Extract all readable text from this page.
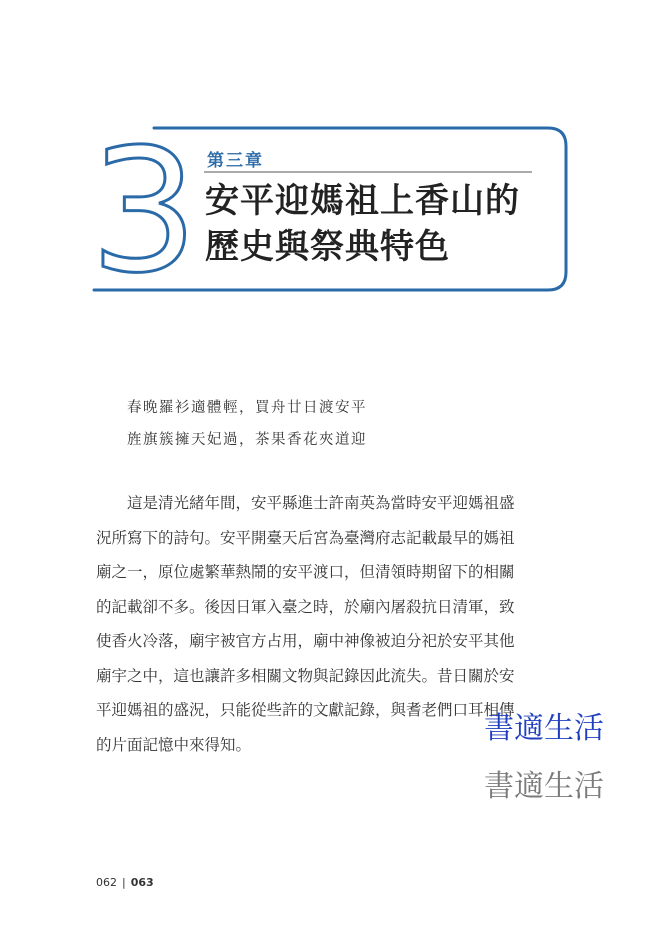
3 第三章
安平迎媽祖上香山的
歷史與祭典特色
春晚羅衫適體輕，買舟廿日渡安平
旌旗簇擁天妃過，茶果香花夾道迎
這是清光緒年間，安平縣進士許南英為當時安平迎媽祖盛
況所寫下的詩句。安平開臺天后宮為臺灣府志記載最早的媽祖
廟之一，原位處繁華熱鬧的安平渡口，但清領時期留下的相關
的記載卻不多。後因日軍入臺之時，於廟內屠殺抗日清軍，致
使香火冷落，廟宇被官方占用，廟中神像被迫分祀於安平其他
廟宇之中，這也讓許多相關文物與記錄因此流失。昔日關於安
平迎媽祖的盛況，只能從些許的文獻記錄，與耆老們口耳相傳
的片面記憶中來得知。	書適生活
書適生活
062 | 063
